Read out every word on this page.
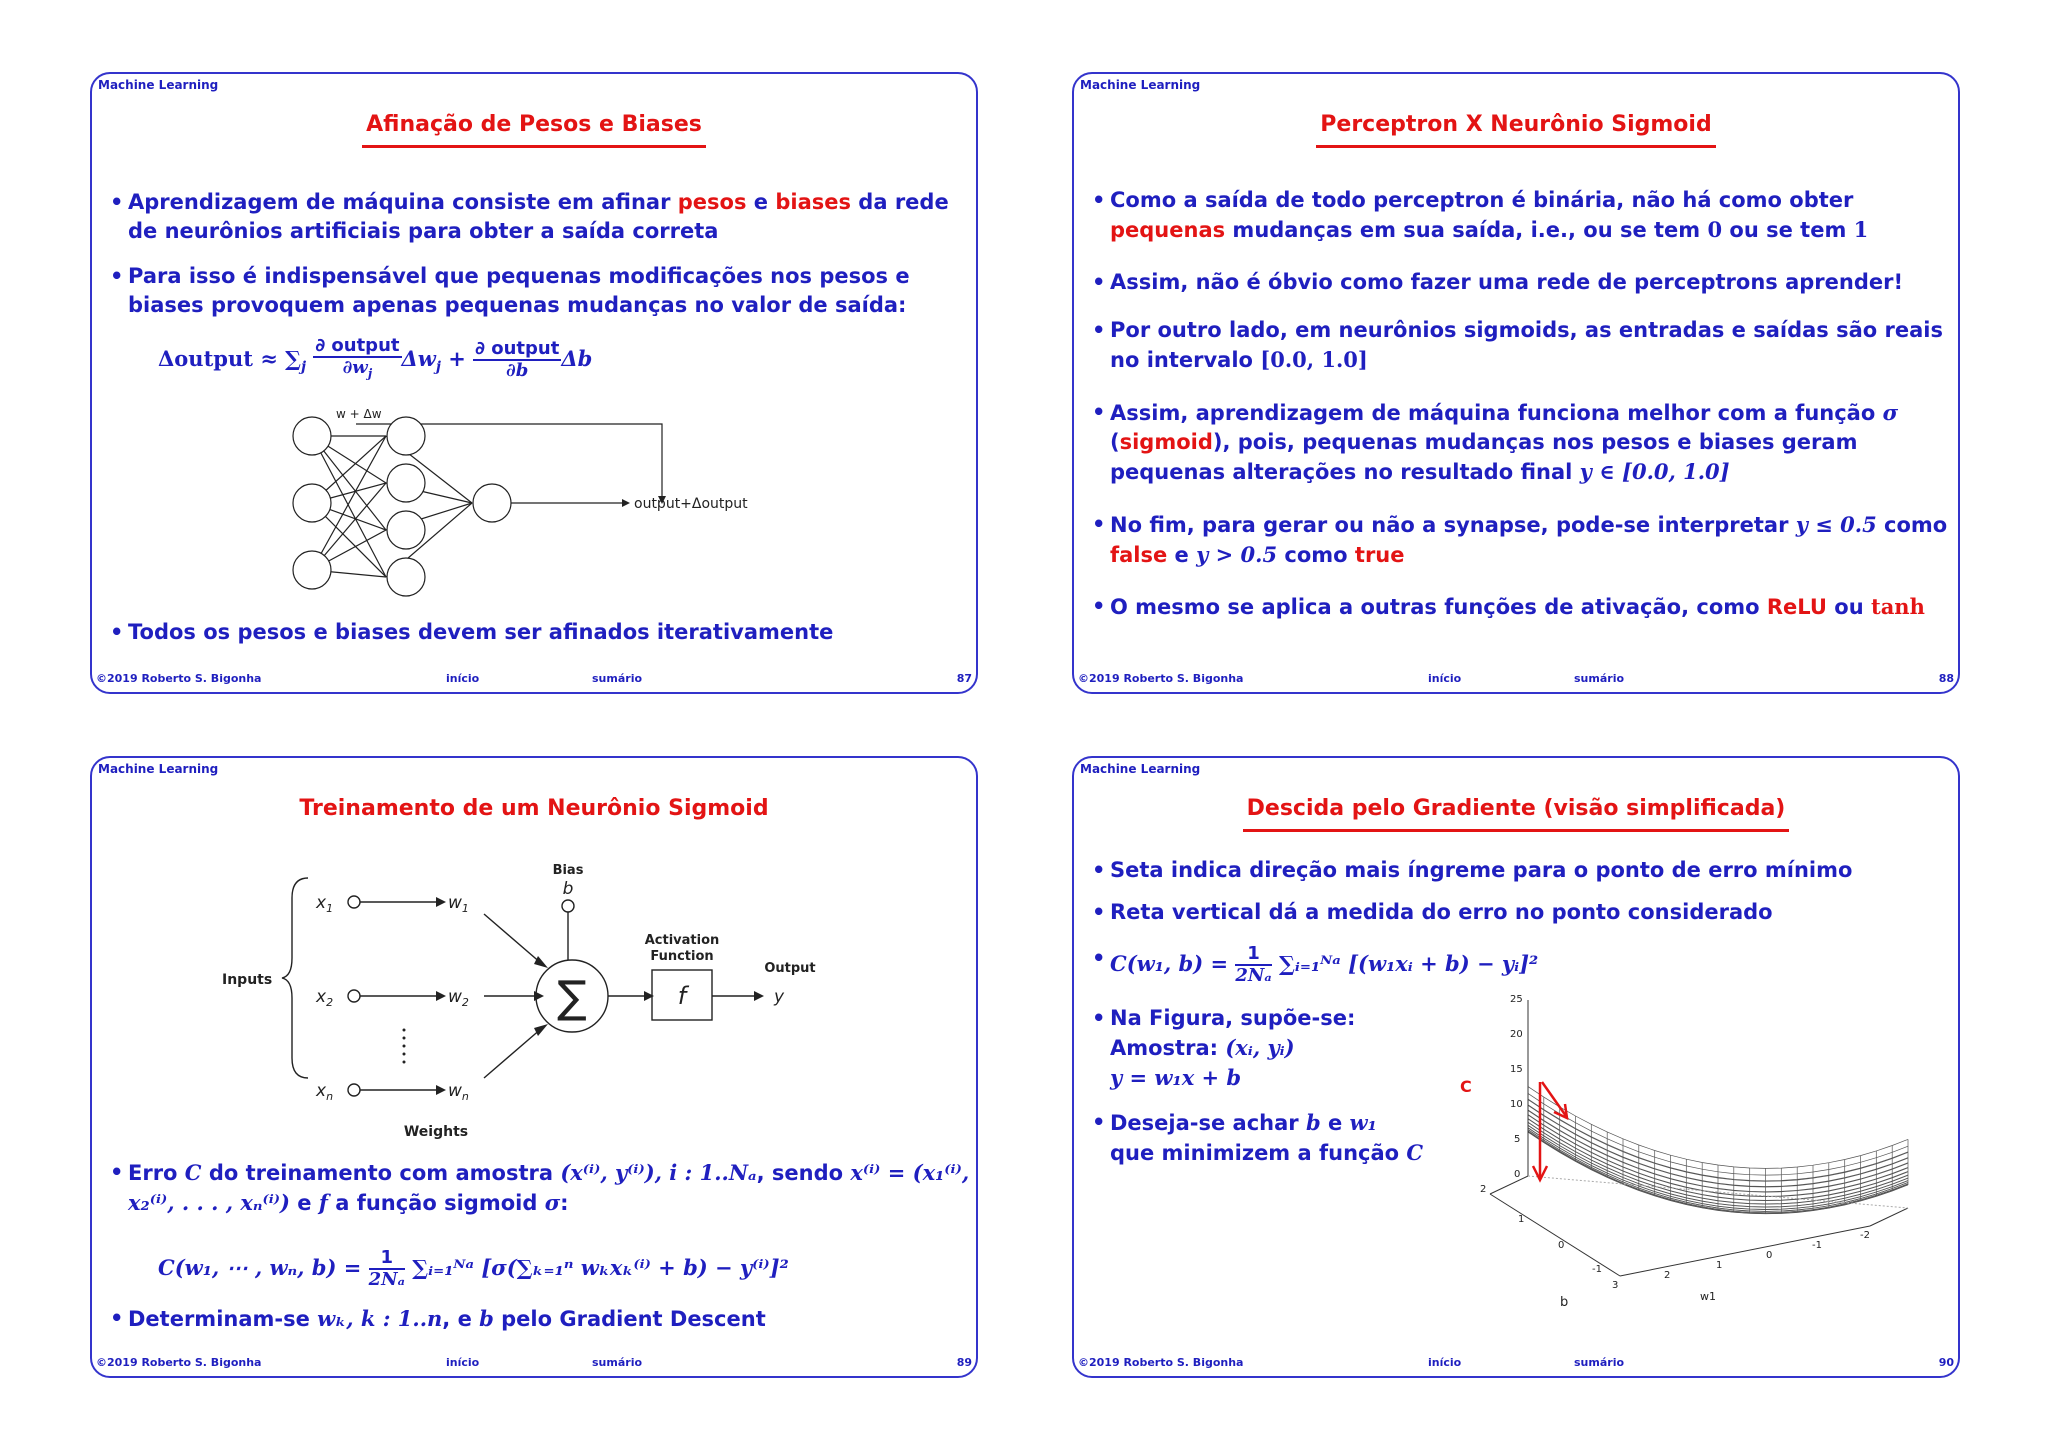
Machine Learning
Afinação de Pesos e Biases
• Aprendizagem de máquina consiste em afinar pesos e biases da rede de neurônios artificiais para obter a saída correta
• Para isso é indispensável que pequenas modificações nos pesos e biases provoquem apenas pequenas mudanças no valor de saída:
Δoutput ≈ $\sum_j \frac{\text{∂ output}}{\partial w_j} \Delta w_j + \frac{\text{∂ output}}{\partial b}$ Δb
w + Δw
output+Δoutput
• Todos os pesos e biases devem ser afinados iterativamente
©2019 Roberto S. Bigonha	início	sumário	87
Machine Learning
Perceptron X Neurônio Sigmoid
• Como a saída de todo perceptron é binária, não há como obter pequenas mudanças em sua saída, i.e., ou se tem 0 ou se tem 1
• Assim, não é óbvio como fazer uma rede de perceptrons aprender!
• Por outro lado, em neurônios sigmoids, as entradas e saídas são reais no intervalo [0.0, 1.0]
• Assim, aprendizagem de máquina funciona melhor com a função σ (sigmoid), pois, pequenas mudanças nos pesos e biases geram pequenas alterações no resultado final y ∈ [0.0, 1.0]
• No fim, para gerar ou não a synapse, pode-se interpretar y ≤ 0.5 como false e y > 0.5 como true
• O mesmo se aplica a outras funções de ativação, como ReLU ou tanh
©2019 Roberto S. Bigonha	início	sumário	88
Machine Learning
Treinamento de um Neurônio Sigmoid
Bias
b
Inputs
$x_1$
$x_2$
$x_n$
$w_1$
$w_2$
$w_n$
∑	f
Activation
Function
Output
y
Weights
• Erro C do treinamento com amostra (x⁽ⁱ⁾, y⁽ⁱ⁾), i : 1..Nₐ, sendo x⁽ⁱ⁾ = (x₁⁽ⁱ⁾, x₂⁽ⁱ⁾, . . . , xₙ⁽ⁱ⁾) e f a função sigmoid σ:
C(w₁, ⋯ , wₙ, $b) = \frac{1}{\text{2Nₐ}}$ ∑ᵢ₌₁ᴺᵃ [σ(∑ₖ₌₁ⁿ wₖxₖ⁽ⁱ⁾ + b) − y⁽ⁱ⁾]²
• Determinam-se wₖ, k : 1..n, e b pelo Gradient Descent
©2019 Roberto S. Bigonha	início	sumário	89
Machine Learning
Descida pelo Gradiente (visão simplificada)
• Seta indica direção mais íngreme para o ponto de erro mínimo
• Reta vertical dá a medida do erro no ponto considerado
• C(w₁, $b) = \frac{1}{\text{2Nₐ}}$ ∑ᵢ₌₁ᴺᵃ [(w₁xᵢ + b) − yᵢ]²
• Na Figura, supõe-se:
Amostra: (xᵢ, yᵢ)
y = w₁x + b
• Deseja-se achar b e w₁
que minimizem a função C
25
20
15
10
5
0
2
1
0
-1
3
2
1
0
-1
-2
b	w1
C
©2019 Roberto S. Bigonha	início	sumário	90
